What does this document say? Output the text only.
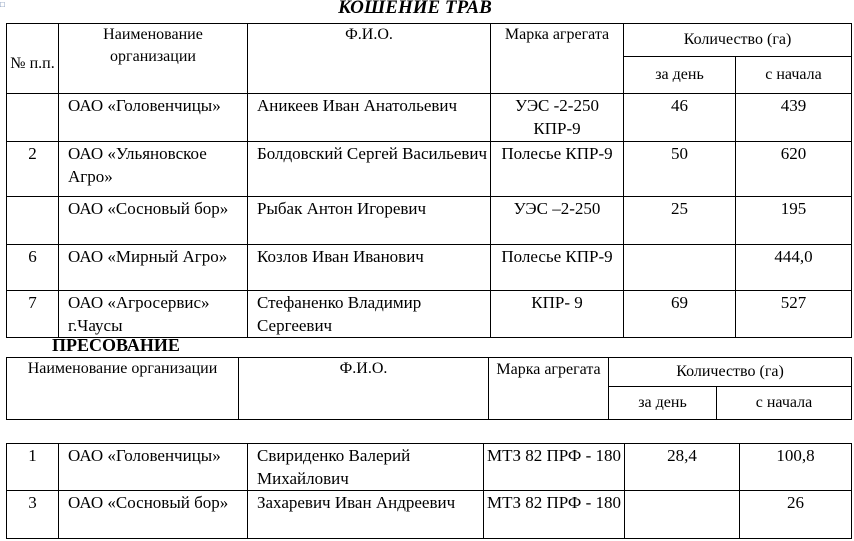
□	КОШЕНИЕ ТРАВ
№ п.п.	Наименование организации	Ф.И.О.	Марка агрегата	Количество (га)	
				за день	с начала
	ОАО «Головенчицы»	Аникеев Иван Анатольевич	УЭС -2-250 КПР-9	46	439
2	ОАО «Ульяновское Агро»	Болдовский Сергей Васильевич	Полесье КПР-9	50	620
	ОАО «Сосновый бор»	Рыбак Антон Игоревич	УЭС –2-250	25	195
6	ОАО «Мирный Агро»	Козлов Иван Иванович	Полесье КПР-9		444,0
7	ОАО «Агросервис» г.Чаусы	Стефаненко Владимир Сергеевич	КПР- 9	69	527
ПРЕСОВАНИЕ
Наименование организации	Ф.И.О.	Марка агрегата	Количество (га)	
			за день	с начала
1	ОАО «Головенчицы»	Свириденко Валерий Михайлович	МТЗ 82 ПРФ - 180	28,4	100,8
3	ОАО «Сосновый бор»	Захаревич Иван Андреевич	МТЗ 82 ПРФ - 180		26
